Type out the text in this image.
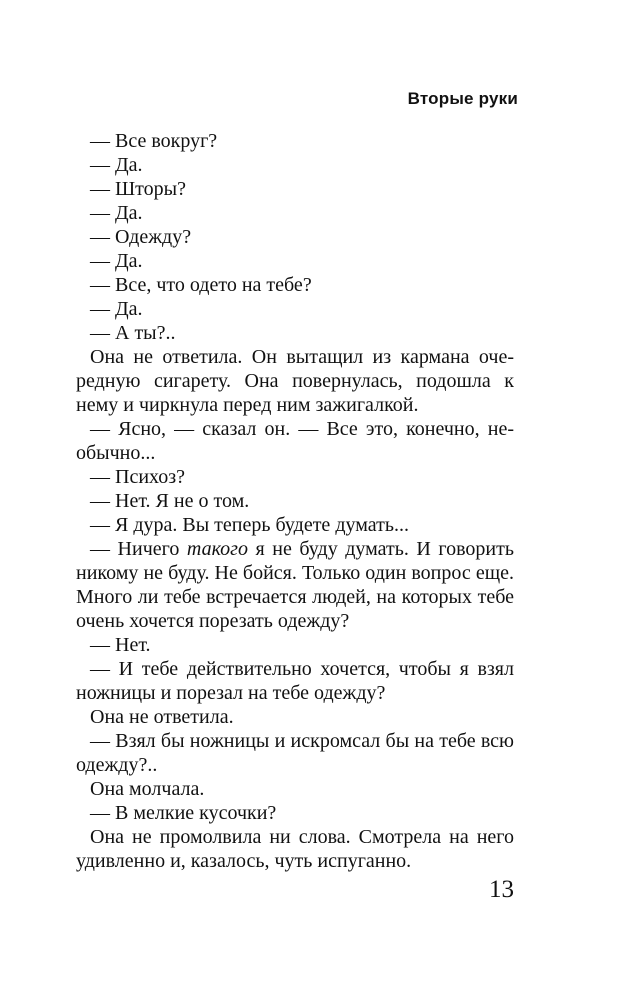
Вторые руки

— Все вокруг?

— Да.

— Шторы?

— Да.

— Одежду?

— Да.

— Все, что одето на тебе?

— Да.

— А ты?..

Она не ответила. Он вытащил из кармана оче-редную сигарету. Она повернулась, подошла к нему и чиркнула перед ним зажигалкой.

— Ясно, — сказал он. — Все это, конечно, не-обычно...

— Психоз?

— Нет. Я не о том.

— Я дура. Вы теперь будете думать...

— Ничего такого я не буду думать. И говорить никому не буду. Не бойся. Только один вопрос еще. Много ли тебе встречается людей, на которых тебе очень хочется порезать одежду?

— Нет.

— И тебе действительно хочется, чтобы я взял ножницы и порезал на тебе одежду?

Она не ответила.

— Взял бы ножницы и искромсал бы на тебе всю одежду?..

Она молчала.

— В мелкие кусочки?

Она не промолвила ни слова. Смотрела на него удивленно и, казалось, чуть испуганно.

13
